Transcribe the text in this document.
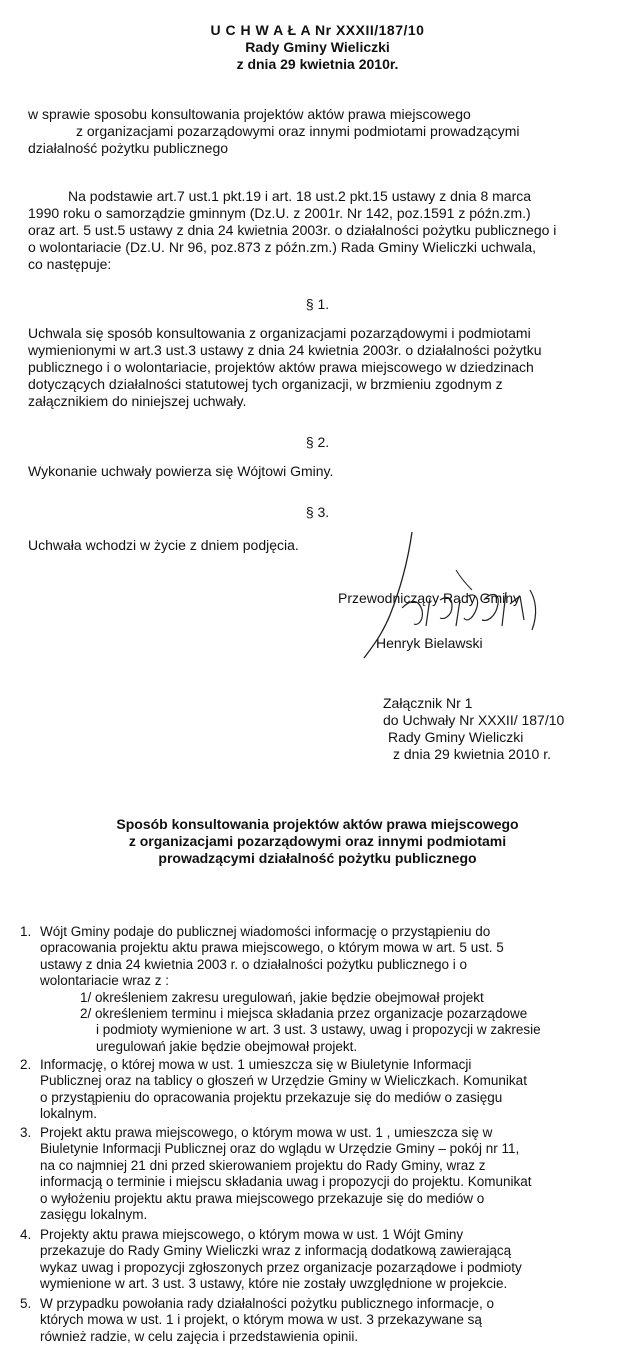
U C H W A Ł A Nr XXXII/187/10
Rady Gminy Wieliczki
z dnia 29 kwietnia 2010r.
w sprawie sposobu konsultowania projektów aktów prawa miejscowego
z organizacjami pozarządowymi oraz innymi podmiotami prowadzącymi
działalność pożytku publicznego
Na podstawie art.7 ust.1 pkt.19 i art. 18 ust.2 pkt.15 ustawy z dnia 8 marca
1990 roku o samorządzie gminnym (Dz.U. z 2001r. Nr 142, poz.1591 z późn.zm.)
oraz art. 5 ust.5 ustawy z dnia 24 kwietnia 2003r. o działalności pożytku publicznego i
o wolontariacie (Dz.U. Nr 96, poz.873 z późn.zm.) Rada Gminy Wieliczki uchwala,
co następuje:
§ 1.
Uchwala się sposób konsultowania z organizacjami pozarządowymi i podmiotami
wymienionymi w art.3 ust.3 ustawy z dnia 24 kwietnia 2003r. o działalności pożytku
publicznego i o wolontariacie, projektów aktów prawa miejscowego w dziedzinach
dotyczących działalności statutowej tych organizacji, w brzmieniu zgodnym z
załącznikiem do niniejszej uchwały.
§ 2.
Wykonanie uchwały powierza się Wójtowi Gminy.
§ 3.
Uchwała wchodzi w życie z dniem podjęcia.
Przewodniczący Rady Gminy
Henryk Bielawski
Załącznik Nr 1
do Uchwały Nr XXXII/ 187/10
Rady Gminy Wieliczki
z dnia 29 kwietnia 2010 r.
Sposób konsultowania projektów aktów prawa miejscowego
z organizacjami pozarządowymi oraz innymi podmiotami
prowadzącymi działalność pożytku publicznego
1. Wójt Gminy podaje do publicznej wiadomości informację o przystąpieniu do
opracowania projektu aktu prawa miejscowego, o którym mowa w art. 5 ust. 5
ustawy z dnia 24 kwietnia 2003 r. o działalności pożytku publicznego i o
wolontariacie wraz z :
1/ określeniem zakresu uregulowań, jakie będzie obejmował projekt
2/ określeniem terminu i miejsca składania przez organizacje pozarządowe
i podmioty wymienione w art. 3 ust. 3 ustawy, uwag i propozycji w zakresie
uregulowań jakie będzie obejmował projekt.
2. Informację, o której mowa w ust. 1 umieszcza się w Biuletynie Informacji
Publicznej oraz na tablicy o głoszeń w Urzędzie Gminy w Wieliczkach. Komunikat
o przystąpieniu do opracowania projektu przekazuje się do mediów o zasięgu
lokalnym.
3. Projekt aktu prawa miejscowego, o którym mowa w ust. 1 , umieszcza się w
Biuletynie Informacji Publicznej oraz do wglądu w Urzędzie Gminy – pokój nr 11,
na co najmniej 21 dni przed skierowaniem projektu do Rady Gminy, wraz z
informacją o terminie i miejscu składania uwag i propozycji do projektu. Komunikat
o wyłożeniu projektu aktu prawa miejscowego przekazuje się do mediów o
zasięgu lokalnym.
4. Projekty aktu prawa miejscowego, o którym mowa w ust. 1 Wójt Gminy
przekazuje do Rady Gminy Wieliczki wraz z informacją dodatkową zawierającą
wykaz uwag i propozycji zgłoszonych przez organizacje pozarządowe i podmioty
wymienione w art. 3 ust. 3 ustawy, które nie zostały uwzględnione w projekcie.
5. W przypadku powołania rady działalności pożytku publicznego informacje, o
których mowa w ust. 1 i projekt, o którym mowa w ust. 3 przekazywane są
również radzie, w celu zajęcia i przedstawienia opinii.
